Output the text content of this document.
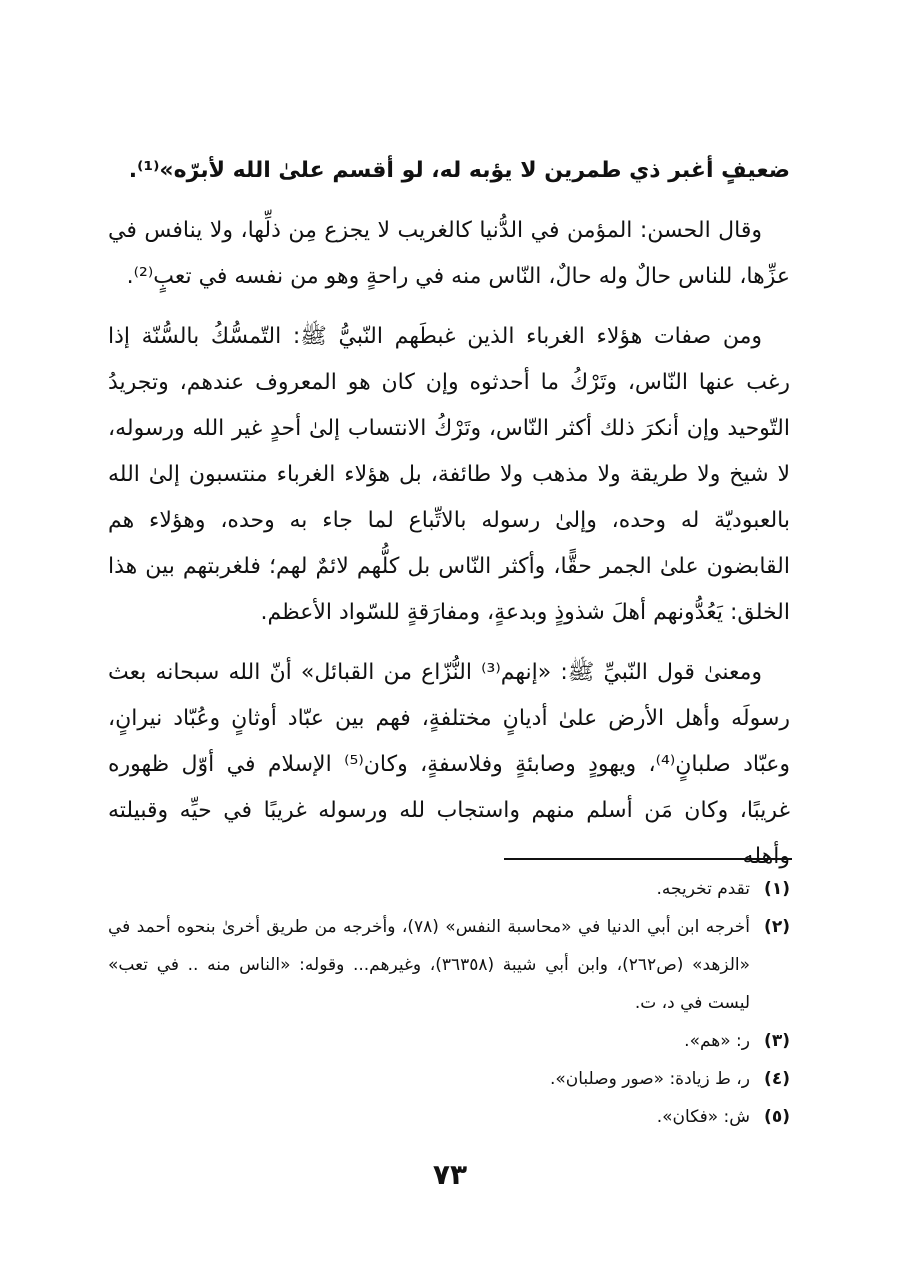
ضعيفٍ أغبر ذي طمرين لا يؤبه له، لو أقسم علىٰ الله لأبرّه»⁽¹⁾.

وقال الحسن: المؤمن في الدُّنيا كالغريب لا يجزع مِن ذلِّها، ولا ينافس في عزِّها، للناس حالٌ وله حالٌ، النّاس منه في راحةٍ وهو من نفسه في تعبٍ⁽²⁾.

ومن صفات هؤلاء الغرباء الذين غبطَهم النّبيُّ ﷺ: التّمسُّكُ بالسُّنّة إذا رغب عنها النّاس، وتَرْكُ ما أحدثوه وإن كان هو المعروف عندهم، وتجريدُ التّوحيد وإن أنكرَ ذلك أكثر النّاس، وتَرْكُ الانتساب إلىٰ أحدٍ غير الله ورسوله، لا شيخ ولا طريقة ولا مذهب ولا طائفة، بل هؤلاء الغرباء منتسبون إلىٰ الله بالعبوديّة له وحده، وإلىٰ رسوله بالاتِّباع لما جاء به وحده، وهؤلاء هم القابضون علىٰ الجمر حقًّا، وأكثر النّاس بل كلُّهم لائمٌ لهم؛ فلغربتهم بين هذا الخلق: يَعُدُّونهم أهلَ شذوذٍ وبدعةٍ، ومفارَقةٍ للسّواد الأعظم.

ومعنىٰ قول النّبيِّ ﷺ: «إنهم⁽³⁾ النُّزّاع من القبائل» أنّ الله سبحانه بعث رسولَه وأهل الأرض علىٰ أديانٍ مختلفةٍ، فهم بين عبّاد أوثانٍ وعُبّاد نيرانٍ، وعبّاد صلبانٍ⁽⁴⁾، ويهودٍ وصابئةٍ وفلاسفةٍ، وكان⁽⁵⁾ الإسلام في أوّل ظهوره غريبًا، وكان مَن أسلم منهم واستجاب لله ورسوله غريبًا في حيِّه وقبيلته وأهله

(١)
تقدم تخريجه.
(٢)
أخرجه ابن أبي الدنيا في «محاسبة النفس» (٧٨)، وأخرجه من طريق أخرىٰ بنحوه أحمد في «الزهد» (ص٢٦٢)، وابن أبي شيبة (٣٦٣٥٨)، وغيرهم... وقوله: «الناس منه .. في تعب» ليست في د، ت.
(٣)
ر: «هم».
(٤)
ر، ط زيادة: «صور وصلبان».
(٥)
ش: «فكان».
٧٣
